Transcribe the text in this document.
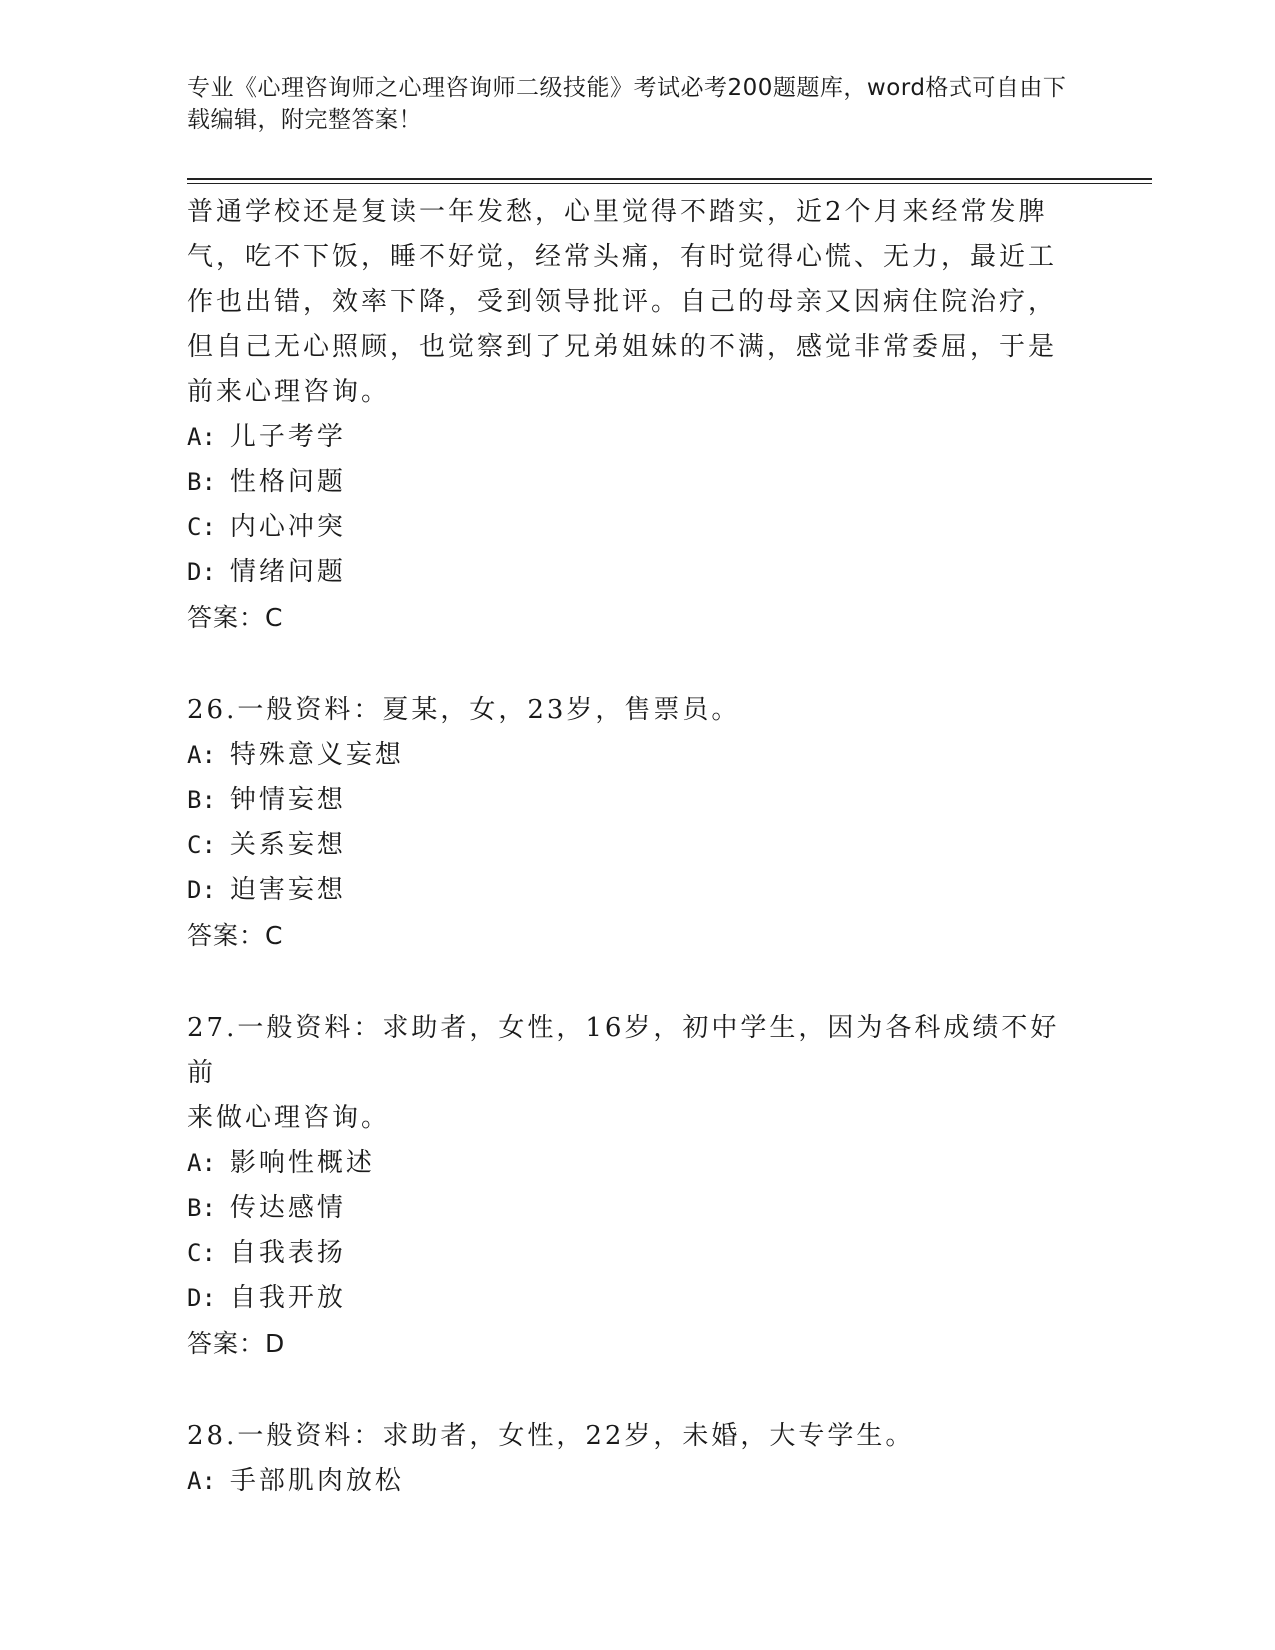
专业《心理咨询师之心理咨询师二级技能》考试必考200题题库，word格式可自由下载编辑，附完整答案！

普通学校还是复读一年发愁，心里觉得不踏实，近2个月来经常发脾

气，吃不下饭，睡不好觉，经常头痛，有时觉得心慌、无力，最近工

作也出错，效率下降，受到领导批评。自己的母亲又因病住院治疗，

但自己无心照顾，也觉察到了兄弟姐妹的不满，感觉非常委屈，于是

前来心理咨询。

A: 儿子考学

B: 性格问题

C: 内心冲突

D: 情绪问题

答案：C

26.一般资料：夏某，女，23岁，售票员。

A: 特殊意义妄想

B: 钟情妄想

C: 关系妄想

D: 迫害妄想

答案：C

27.一般资料：求助者，女性，16岁，初中学生，因为各科成绩不好前

来做心理咨询。

A: 影响性概述

B: 传达感情

C: 自我表扬

D: 自我开放

答案：D

28.一般资料：求助者，女性，22岁，未婚，大专学生。

A: 手部肌肉放松
